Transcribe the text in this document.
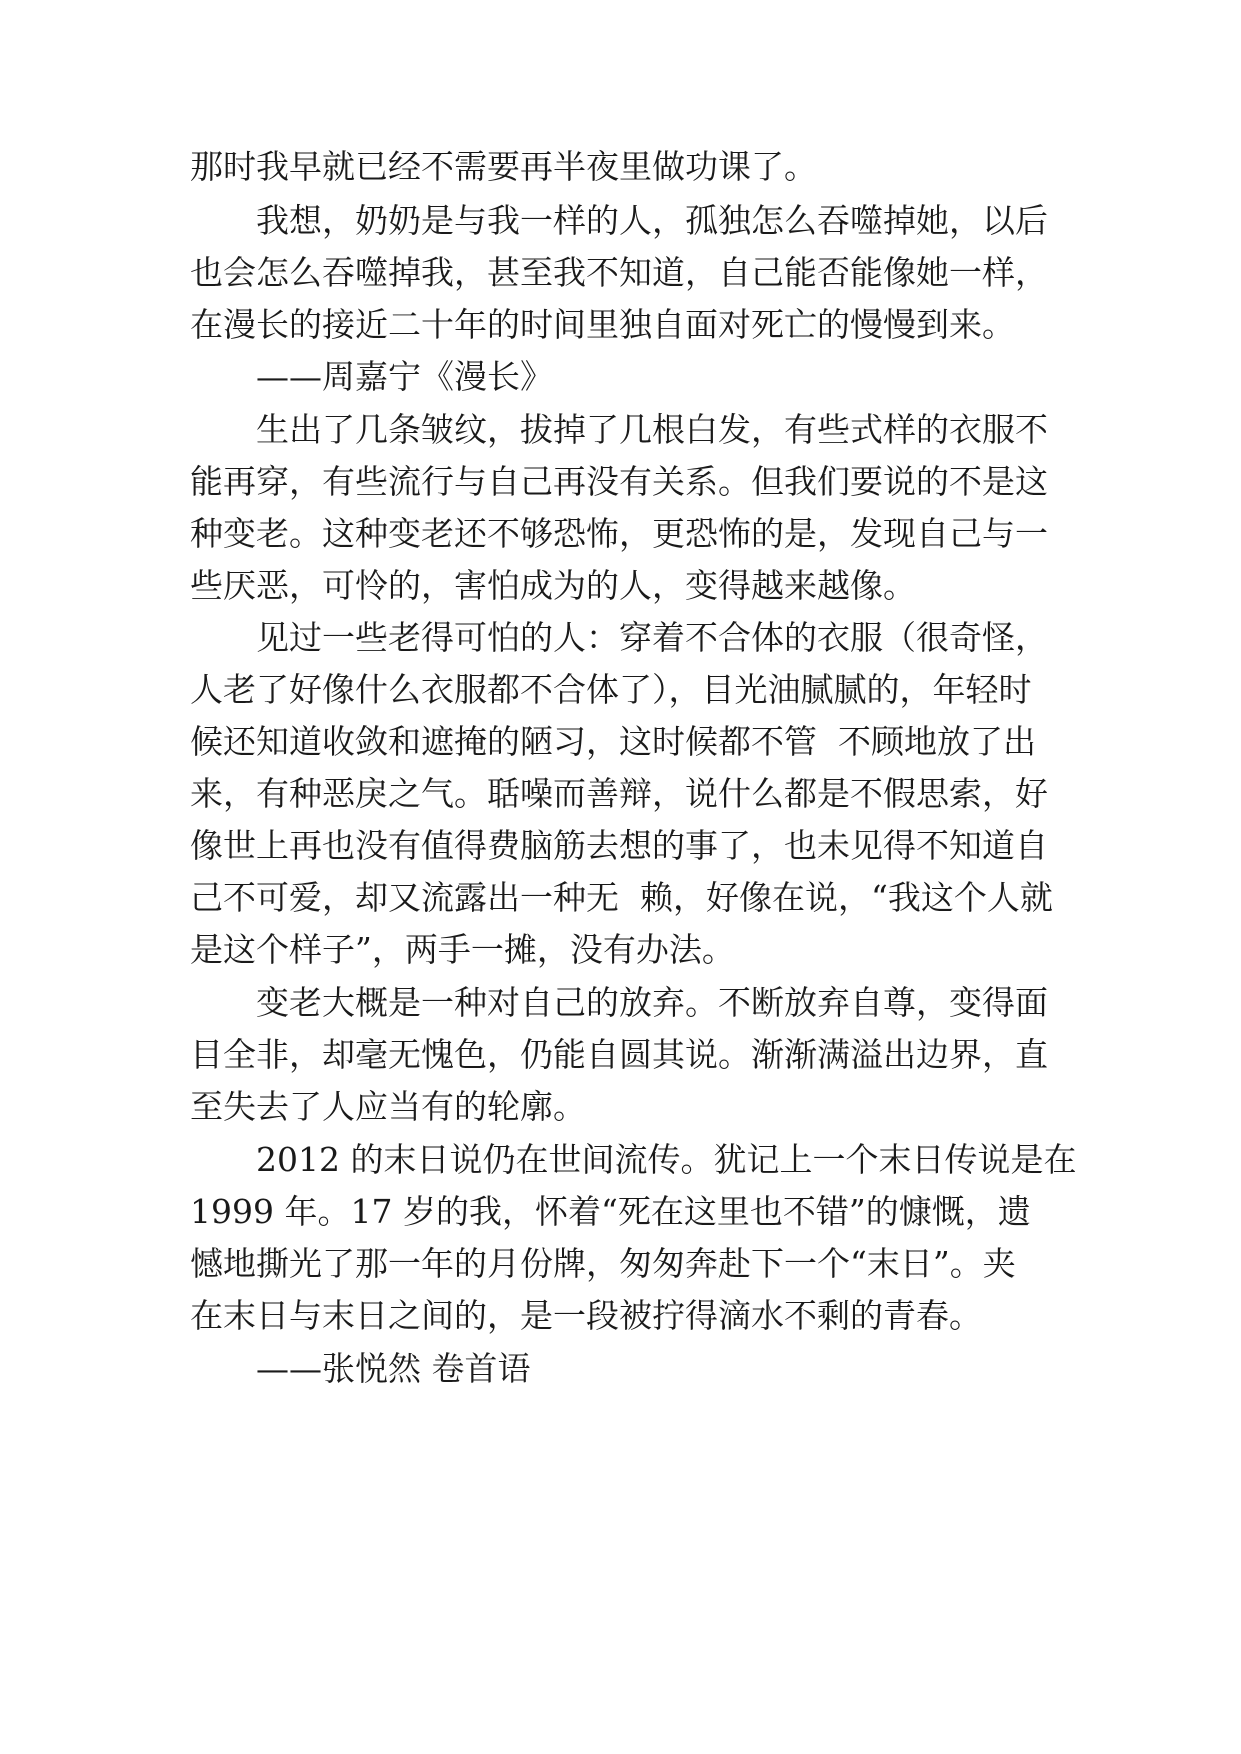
那时我早就已经不需要再半夜里做功课了。

我想，奶奶是与我一样的人，孤独怎么吞噬掉她，以后

也会怎么吞噬掉我，甚至我不知道，自己能否能像她一样，

在漫长的接近二十年的时间里独自面对死亡的慢慢到来。

——周嘉宁《漫长》

生出了几条皱纹，拔掉了几根白发，有些式样的衣服不

能再穿，有些流行与自己再没有关系。但我们要说的不是这

种变老。这种变老还不够恐怖，更恐怖的是，发现自己与一

些厌恶，可怜的，害怕成为的人，变得越来越像。

见过一些老得可怕的人：穿着不合体的衣服（很奇怪，

人老了好像什么衣服都不合体了），目光油腻腻的，年轻时

候还知道收敛和遮掩的陋习，这时候都不管  不顾地放了出

来，有种恶戾之气。聒噪而善辩，说什么都是不假思索，好

像世上再也没有值得费脑筋去想的事了，也未见得不知道自

己不可爱，却又流露出一种无  赖，好像在说，“我这个人就

是这个样子”，两手一摊，没有办法。

变老大概是一种对自己的放弃。不断放弃自尊，变得面

目全非，却毫无愧色，仍能自圆其说。渐渐满溢出边界，直

至失去了人应当有的轮廓。

2012 的末日说仍在世间流传。犹记上一个末日传说是在

1999 年。17 岁的我，怀着“死在这里也不错”的慷慨，遗

憾地撕光了那一年的月份牌，匆匆奔赴下一个“末日”。夹

在末日与末日之间的，是一段被拧得滴水不剩的青春。

——张悦然 卷首语
